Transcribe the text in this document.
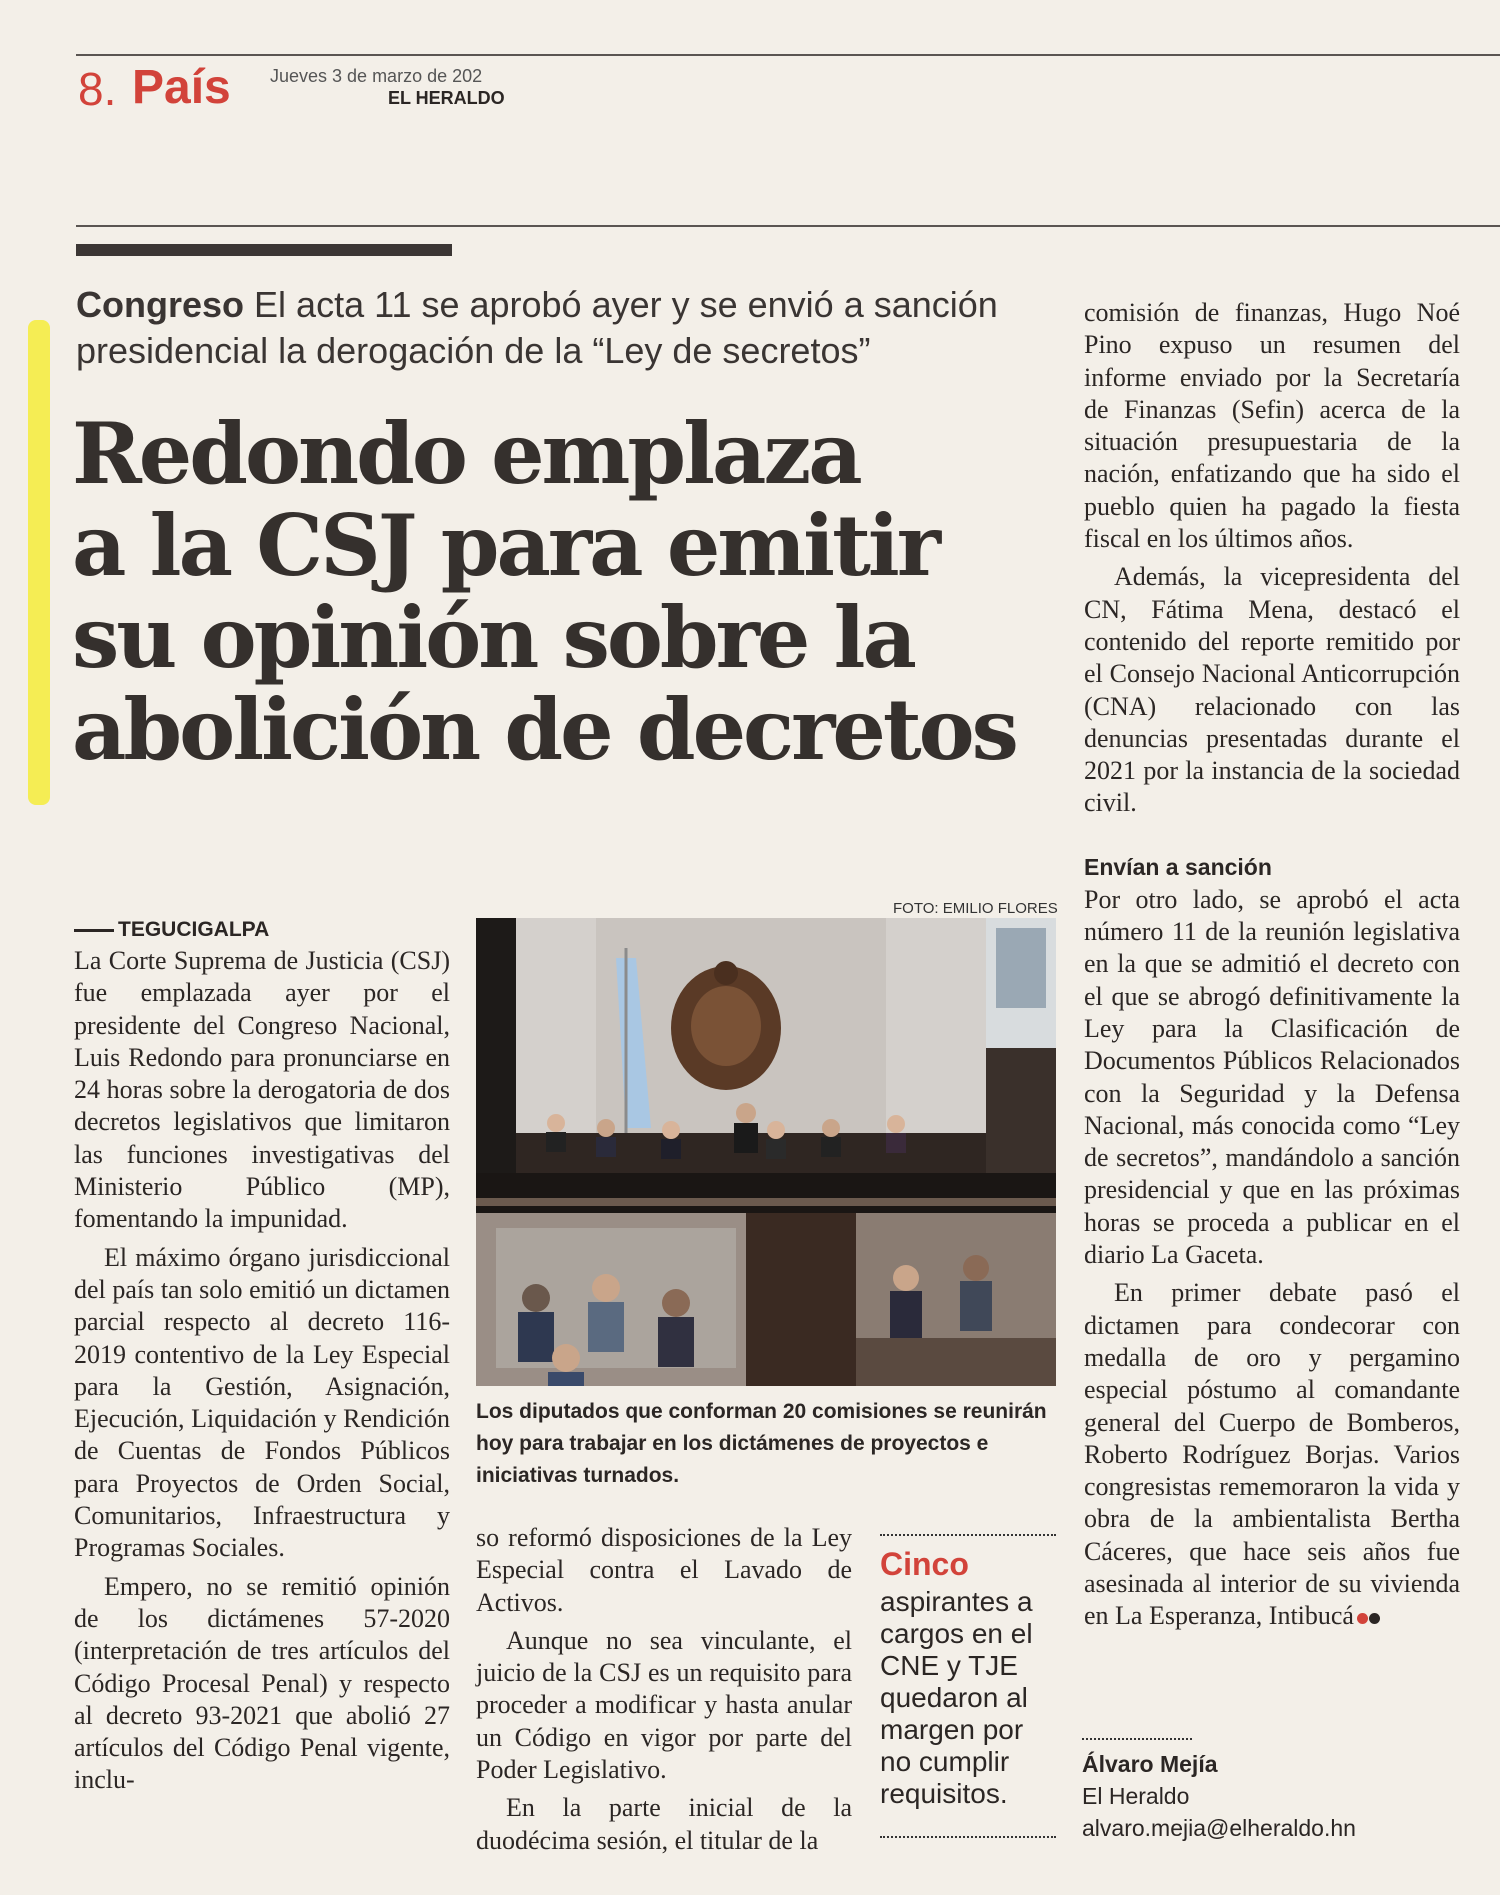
8. País Jueves 3 de marzo de 202
EL HERALDO
Congreso El acta 11 se aprobó ayer y se envió a sanción presidencial la derogación de la “Ley de secretos”
Redondo emplaza
a la CSJ para emitir
su opinión sobre la
abolición de decretos
TEGUCIGALPA

La Corte Suprema de Justicia (CSJ) fue emplazada ayer por el presidente del Congreso Nacional, Luis Redondo para pronunciarse en 24 horas sobre la derogatoria de dos decretos legislativos que limitaron las funciones investigativas del Ministerio Público (MP), fomentando la impunidad.

El máximo órgano jurisdiccional del país tan solo emitió un dictamen parcial respecto al decreto 116-2019 contentivo de la Ley Especial para la Gestión, Asignación, Ejecución, Liquidación y Rendición de Cuentas de Fondos Públicos para Proyectos de Orden Social, Comunitarios, Infraestructura y Programas Sociales.

Empero, no se remitió opinión de los dictámenes 57-2020 (interpretación de tres artículos del Código Procesal Penal) y respecto al decreto 93-2021 que abolió 27 artículos del Código Penal vigente, inclu-

FOTO: EMILIO FLORES
Los diputados que conforman 20 comisiones se reunirán hoy para trabajar en los dictámenes de proyectos e iniciativas turnados.

so reformó disposiciones de la Ley Especial contra el Lavado de Activos.

Aunque no sea vinculante, el juicio de la CSJ es un requisito para proceder a modificar y hasta anular un Código en vigor por parte del Poder Legislativo.

En la parte inicial de la duodécima sesión, el titular de la

Cinco
aspirantes a cargos en el CNE y TJE quedaron al margen por no cumplir requisitos.

comisión de finanzas, Hugo Noé Pino expuso un resumen del informe enviado por la Secretaría de Finanzas (Sefin) acerca de la situación presupuestaria de la nación, enfatizando que ha sido el pueblo quien ha pagado la fiesta fiscal en los últimos años.

Además, la vicepresidenta del CN, Fátima Mena, destacó el contenido del reporte remitido por el Consejo Nacional Anticorrupción (CNA) relacionado con las denuncias presentadas durante el 2021 por la instancia de la sociedad civil.

Envían a sanción

Por otro lado, se aprobó el acta número 11 de la reunión legislativa en la que se admitió el decreto con el que se abrogó definitivamente la Ley para la Clasificación de Documentos Públicos Relacionados con la Seguridad y la Defensa Nacional, más conocida como “Ley de secretos”, mandándolo a sanción presidencial y que en las próximas horas se proceda a publicar en el diario La Gaceta.

En primer debate pasó el dictamen para condecorar con medalla de oro y pergamino especial póstumo al comandante general del Cuerpo de Bomberos, Roberto Rodríguez Borjas. Varios congresistas rememoraron la vida y obra de la ambientalista Bertha Cáceres, que hace seis años fue asesinada al interior de su vivienda en La Esperanza, Intibucá

Álvaro Mejía
El Heraldo
alvaro.mejia@elheraldo.hn
